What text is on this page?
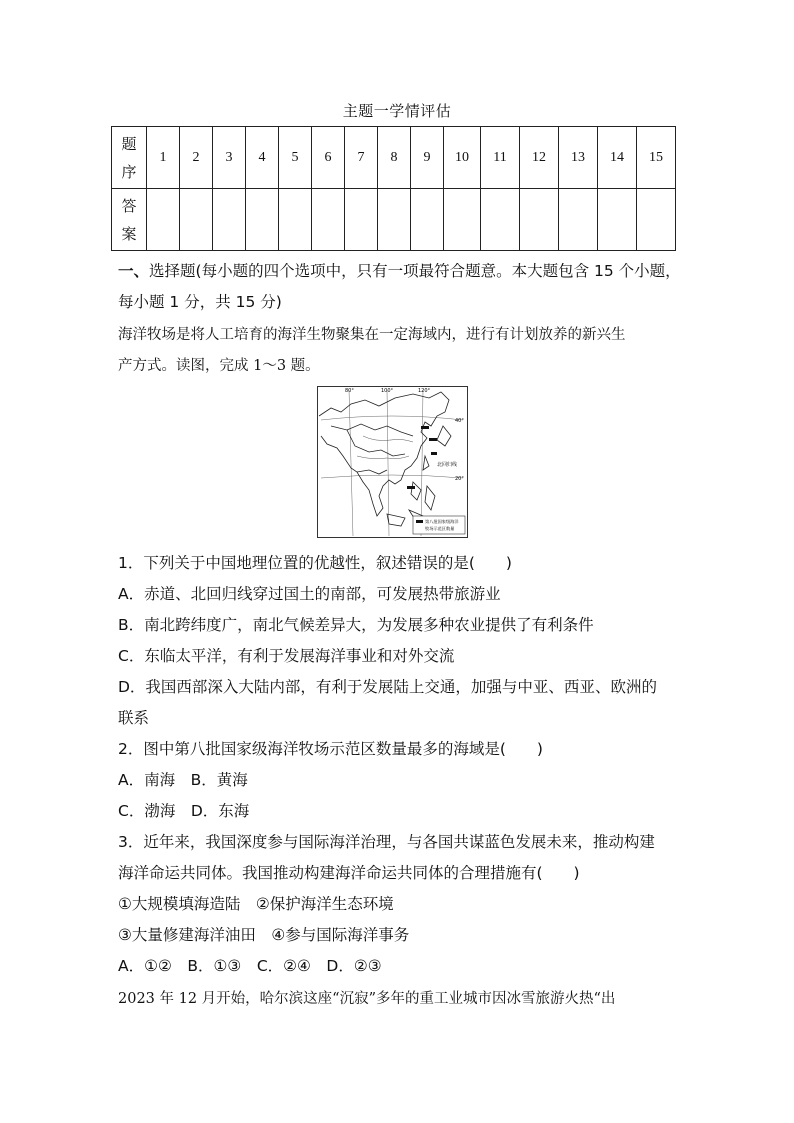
主题一学情评估
题
序	1	2	3	4	5	6	7	8	9	10	11	12	13	14	15

答
案															

一、选择题(每小题的四个选项中，只有一项最符合题意。本大题包含 15 个小题，
每小题 1 分，共 15 分)
海洋牧场是将人工培育的海洋生物聚集在一定海域内，进行有计划放养的新兴生
产方式。读图，完成 1～3 题。
80°	100°	120°
40°
20°
北回归线
第八批国家级海洋
牧场示范区数量
1．下列关于中国地理位置的优越性，叙述错误的是(　　)
A．赤道、北回归线穿过国土的南部，可发展热带旅游业
B．南北跨纬度广，南北气候差异大，为发展多种农业提供了有利条件
C．东临太平洋，有利于发展海洋事业和对外交流
D．我国西部深入大陆内部，有利于发展陆上交通，加强与中亚、西亚、欧洲的
联系
2．图中第八批国家级海洋牧场示范区数量最多的海域是(　　)
A．南海　B．黄海
C．渤海　D．东海
3．近年来，我国深度参与国际海洋治理，与各国共谋蓝色发展未来，推动构建
海洋命运共同体。我国推动构建海洋命运共同体的合理措施有(　　)
①大规模填海造陆　②保护海洋生态环境
③大量修建海洋油田　④参与国际海洋事务
A．①②　B．①③　C．②④　D．②③
2023 年 12 月开始，哈尔滨这座“沉寂”多年的重工业城市因冰雪旅游火热“出
